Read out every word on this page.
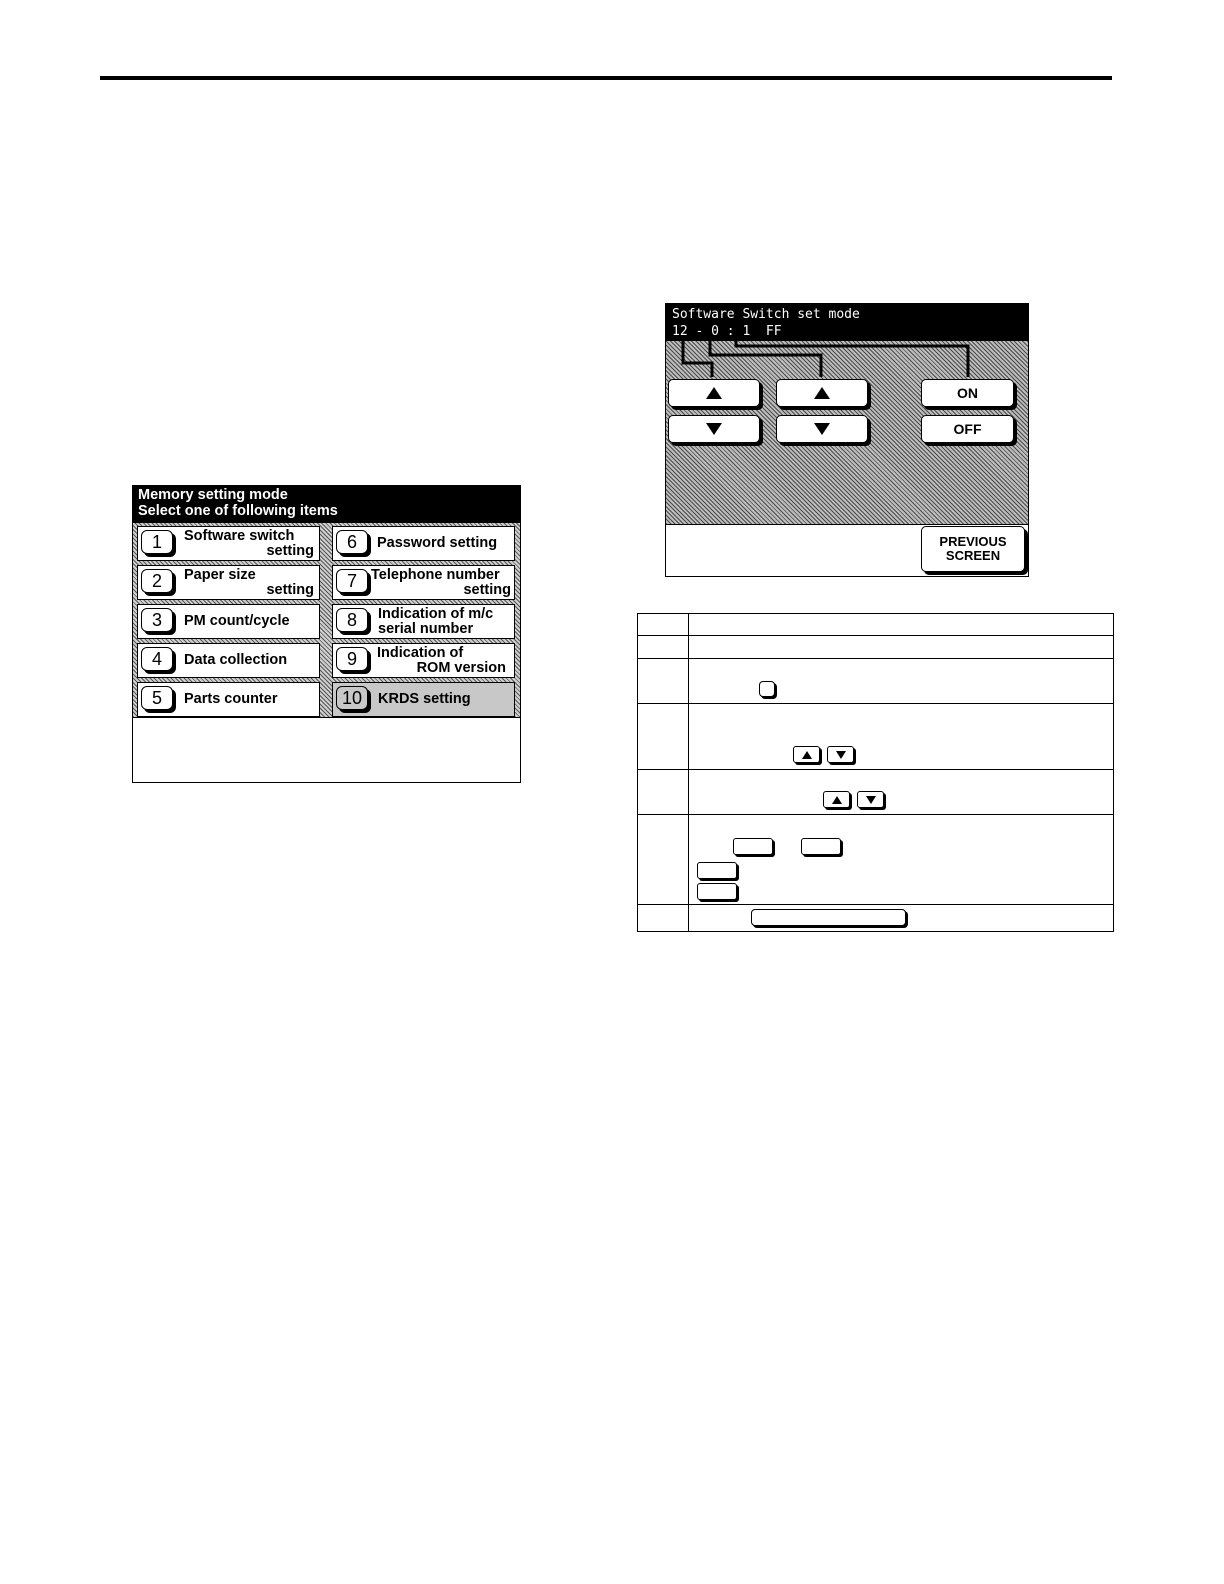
Memory setting mode
Select one of following items
1	Software switch
setting
2	Paper size
setting
3	PM count/cycle
4	Data collection
5	Parts counter
6	Password setting
7 Telephone number
setting
8	Indication of m/c
serial number
9	Indication of
ROM version
10	KRDS setting
Software Switch set mode
12 - 0 : 1  FF
ON
OFF
PREVIOUS
SCREEN
